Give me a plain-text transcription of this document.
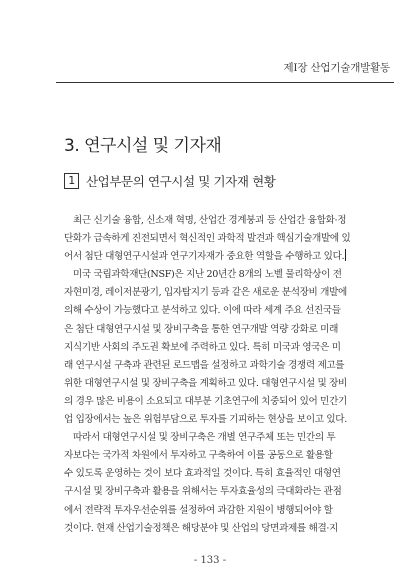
제Ⅰ장 산업기술개발활동
3. 연구시설 및 기자재
1 산업부문의 연구시설 및 기자재 현황

최근 신기술 융합, 신소재 혁명, 산업간 경계붕괴 등 산업간 융합화·정
단화가 급속하게 진전되면서 혁신적인 과학적 발견과 핵심기술개발에 있
어서 첨단 대형연구시설과 연구기자재가 중요한 역할을 수행하고 있다.

미국 국립과학재단(NSF)은 지난 20년간 8개의 노벨 물리학상이 전
자현미경, 레이저분광기, 입자탐지기 등과 같은 새로운 분석장비 개발에
의해 수상이 가능했다고 분석하고 있다. 이에 따라 세계 주요 선진국들
은 첨단 대형연구시설 및 장비구축을 통한 연구개발 역량 강화로 미래
지식기반 사회의 주도권 확보에 주력하고 있다. 특히 미국과 영국은 미
래 연구시설 구축과 관련된 로드맵을 설정하고 과학기술 경쟁력 제고를
위한 대형연구시설 및 장비구축을 계획하고 있다. 대형연구시설 및 장비
의 경우 많은 비용이 소요되고 대부분 기초연구에 치중되어 있어 민간기
업 입장에서는 높은 위험부담으로 투자를 기피하는 현상을 보이고 있다.

따라서 대형연구시설 및 장비구축은 개별 연구주체 또는 민간의 투
자보다는 국가적 차원에서 투자하고 구축하여 이를 공동으로 활용할
수 있도록 운영하는 것이 보다 효과적일 것이다. 특히 효율적인 대형연
구시설 및 장비구축과 활용을 위해서는 투자효율성의 극대화라는 관점
에서 전략적 투자우선순위를 설정하여 과감한 지원이 병행되어야 할
것이다. 현재 산업기술정책은 해당분야 및 산업의 당면과제를 해결·지

- 133 -
